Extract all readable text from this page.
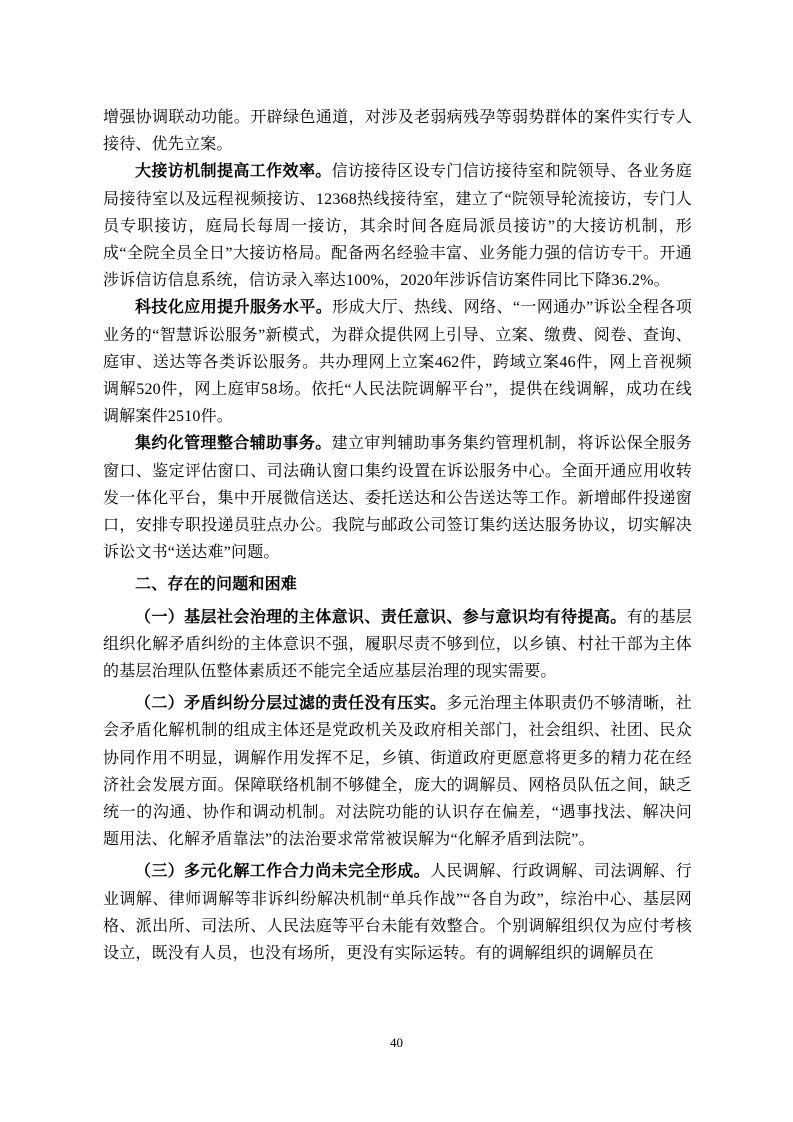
增强协调联动功能。开辟绿色通道，对涉及老弱病残孕等弱势群体的案件实行专人接待、优先立案。

大接访机制提高工作效率。信访接待区设专门信访接待室和院领导、各业务庭局接待室以及远程视频接访、12368热线接待室，建立了“院领导轮流接访，专门人员专职接访，庭局长每周一接访，其余时间各庭局派员接访”的大接访机制，形成“全院全员全日”大接访格局。配备两名经验丰富、业务能力强的信访专干。开通涉诉信访信息系统，信访录入率达100%，2020年涉诉信访案件同比下降36.2%。

科技化应用提升服务水平。形成大厅、热线、网络、“一网通办”诉讼全程各项业务的“智慧诉讼服务”新模式，为群众提供网上引导、立案、缴费、阅卷、查询、庭审、送达等各类诉讼服务。共办理网上立案462件，跨域立案46件，网上音视频调解520件，网上庭审58场。依托“人民法院调解平台”，提供在线调解，成功在线调解案件2510件。

集约化管理整合辅助事务。建立审判辅助事务集约管理机制，将诉讼保全服务窗口、鉴定评估窗口、司法确认窗口集约设置在诉讼服务中心。全面开通应用收转发一体化平台，集中开展微信送达、委托送达和公告送达等工作。新增邮件投递窗口，安排专职投递员驻点办公。我院与邮政公司签订集约送达服务协议，切实解决诉讼文书“送达难”问题。

二、存在的问题和困难

（一）基层社会治理的主体意识、责任意识、参与意识均有待提高。有的基层组织化解矛盾纠纷的主体意识不强，履职尽责不够到位，以乡镇、村社干部为主体的基层治理队伍整体素质还不能完全适应基层治理的现实需要。

（二）矛盾纠纷分层过滤的责任没有压实。多元治理主体职责仍不够清晰，社会矛盾化解机制的组成主体还是党政机关及政府相关部门，社会组织、社团、民众协同作用不明显，调解作用发挥不足，乡镇、街道政府更愿意将更多的精力花在经济社会发展方面。保障联络机制不够健全，庞大的调解员、网格员队伍之间，缺乏统一的沟通、协作和调动机制。对法院功能的认识存在偏差，“遇事找法、解决问题用法、化解矛盾靠法”的法治要求常常被误解为“化解矛盾到法院”。

（三）多元化解工作合力尚未完全形成。人民调解、行政调解、司法调解、行业调解、律师调解等非诉纠纷解决机制“单兵作战”“各自为政”，综治中心、基层网格、派出所、司法所、人民法庭等平台未能有效整合。个别调解组织仅为应付考核设立，既没有人员，也没有场所，更没有实际运转。有的调解组织的调解员在

40
